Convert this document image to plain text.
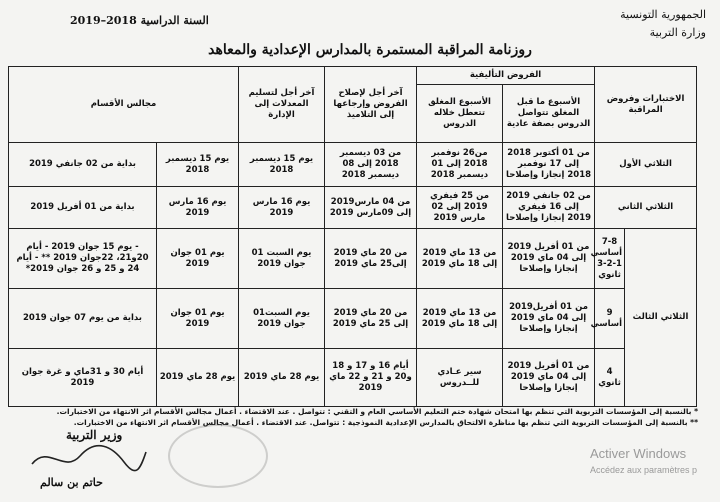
الجمهورية التونسية
وزارة التربية
السنة الدراسية 2018–2019
روزنامة المراقبة المستمرة بالمدارس الإعدادية والمعاهد
الاختبارات وفروض المراقبة		الفروض التأليفية		آخر أجل لإصلاح الفروض وإرجاعها إلى التلاميذ	آخر أجل لتسليم المعدلات إلى الإدارة	مجالس الأقسام	
		الأسبوع ما قبل المغلق تتواصل الدروس بصفة عادية	الأسبوع المغلق تتعطل خلاله الدروس				
الثلاثي الأول		من 01 أكتوبر 2018 إلى 17 نوفمبر 2018 إنجازا وإصلاحا	من26 نوفمبر 2018 إلى 01 ديسمبر 2018	من 03 ديسمبر 2018 إلى 08 ديسمبر 2018	يوم 15 ديسمبر 2018	يوم 15 ديسمبر 2018	بداية من 02 جانفي 2019
الثلاثي الثاني		من 02 جانفي 2019 إلى 16 فيفري 2019 إنجازا وإصلاحا	من 25 فيفري 2019 إلى 02 مارس 2019	من 04 مارس2019 إلى 09مارس 2019	يوم 16 مارس 2019	يوم 16 مارس 2019	بداية من 01 أفريل 2019
الثلاثي الثالث	7-8 أساسي 1-2-3 ثانوي	من 01 أفريل 2019 إلى 04 ماي 2019 إنجازا وإصلاحا	من 13 ماي 2019 إلى 18 ماي 2019	من 20 ماي 2019 إلى25 ماي 2019	يوم السبت 01 جوان 2019	يوم 01 جوان 2019	- يوم 15 جوان 2019 - أيام 20و21، 22جوان 2019 ** - أيام 24 و 25 و 26 جوان 2019*
	9 أساسي	من 01 أفريل2019 إلى 04 ماي 2019 إنجازا وإصلاحا	من 13 ماي 2019 إلى 18 ماي 2019	من 20 ماي 2019 إلى 25 ماي 2019	يوم السبت01 جوان 2019	يوم 01 جوان 2019	بداية من يوم 07 جوان 2019
	4 ثانوي	من 01 أفريل 2019 إلى 04 ماي 2019 إنجازا وإصلاحا	سير عـادي للــدروس	أيام 16 و 17 و 18 و20 و 21 و 22 ماي 2019	يوم 28 ماي 2019	يوم 28 ماي 2019	أيام 30 و 31ماي و غرة جوان 2019
* بالنسبة إلى المؤسسات التربوية التي تنظم بها امتحان شهادة ختم التعليم الأساسي العام و التقني : تتواصل . عند الاقتضاء . أعمال مجالس الأقسام اثر الانتهاء من الاختبارات.
** بالنسبة إلى المؤسسات التربوية التي تنظم بها مناظرة الالتحاق بالمدارس الإعدادية النموذجية : تتواصل. عند الاقتضاء . أعمال مجالس الأقسام اثر الانتهاء من الاختبارات.
وزير التربية
حاتم بن سالم
Activer Windows
Accédez aux paramètres p
